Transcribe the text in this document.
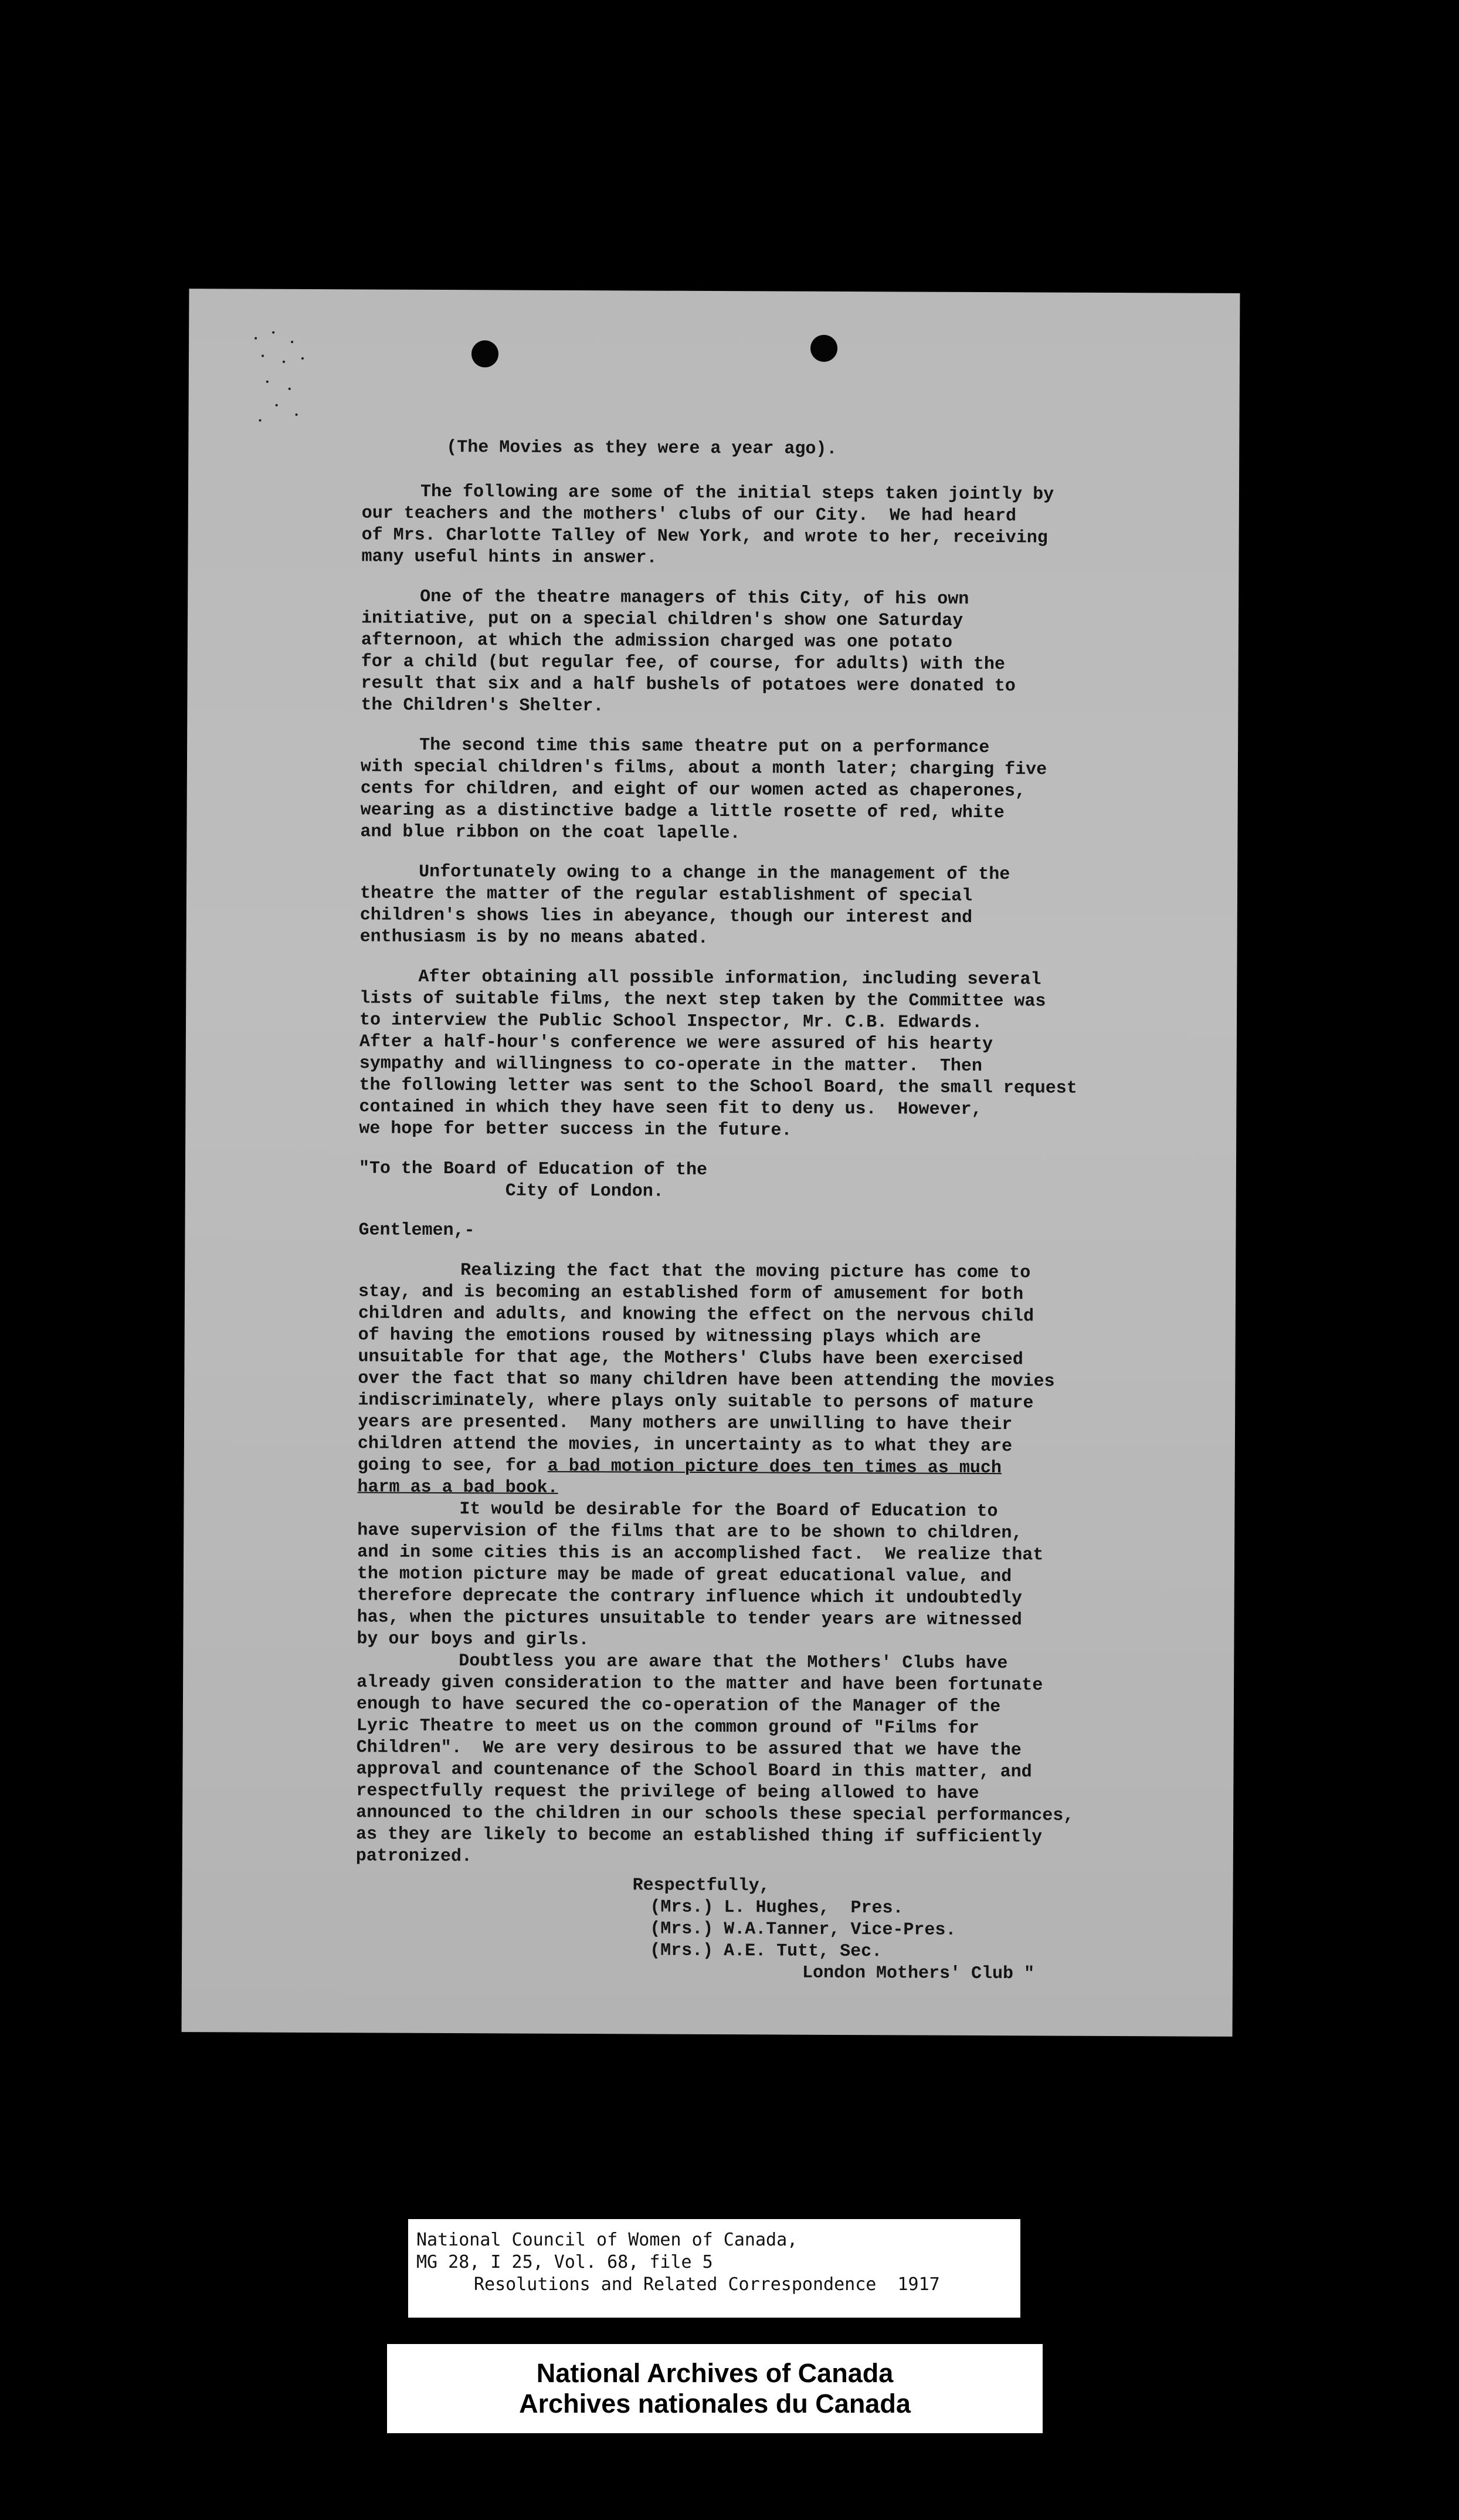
(The Movies as they were a year ago).

The following are some of the initial steps taken jointly by

our teachers and the mothers' clubs of our City.  We had heard

of Mrs. Charlotte Talley of New York, and wrote to her, receiving

many useful hints in answer.

One of the theatre managers of this City, of his own

initiative, put on a special children's show one Saturday

afternoon, at which the admission charged was one potato

for a child (but regular fee, of course, for adults) with the

result that six and a half bushels of potatoes were donated to

the Children's Shelter.

The second time this same theatre put on a performance

with special children's films, about a month later; charging five

cents for children, and eight of our women acted as chaperones,

wearing as a distinctive badge a little rosette of red, white

and blue ribbon on the coat lapelle.

Unfortunately owing to a change in the management of the

theatre the matter of the regular establishment of special

children's shows lies in abeyance, though our interest and

enthusiasm is by no means abated.

After obtaining all possible information, including several

lists of suitable films, the next step taken by the Committee was

to interview the Public School Inspector, Mr. C.B. Edwards.

After a half-hour's conference we were assured of his hearty

sympathy and willingness to co-operate in the matter.  Then

the following letter was sent to the School Board, the small request

contained in which they have seen fit to deny us.  However,

we hope for better success in the future.

"To the Board of Education of the

City of London.

Gentlemen,-

Realizing the fact that the moving picture has come to

stay, and is becoming an established form of amusement for both

children and adults, and knowing the effect on the nervous child

of having the emotions roused by witnessing plays which are

unsuitable for that age, the Mothers' Clubs have been exercised

over the fact that so many children have been attending the movies

indiscriminately, where plays only suitable to persons of mature

years are presented.  Many mothers are unwilling to have their

children attend the movies, in uncertainty as to what they are

going to see, for

a bad motion picture does ten times as much

harm as a bad book.

It would be desirable for the Board of Education to

have supervision of the films that are to be shown to children,

and in some cities this is an accomplished fact.  We realize that

the motion picture may be made of great educational value, and

therefore deprecate the contrary influence which it undoubtedly

has, when the pictures unsuitable to tender years are witnessed

by our boys and girls.

Doubtless you are aware that the Mothers' Clubs have

already given consideration to the matter and have been fortunate

enough to have secured the co-operation of the Manager of the

Lyric Theatre to meet us on the common ground of "Films for

Children".  We are very desirous to be assured that we have the

approval and countenance of the School Board in this matter, and

respectfully request the privilege of being allowed to have

announced to the children in our schools these special performances,

as they are likely to become an established thing if sufficiently

patronized.

Respectfully,

(Mrs.) L. Hughes,  Pres.

(Mrs.) W.A.Tanner, Vice-Pres.

(Mrs.) A.E. Tutt, Sec.

London Mothers' Club "

National Council of Women of Canada,
MG 28, I 25, Vol. 68, file 5
Resolutions and Related Correspondence  1917
National Archives of Canada
Archives nationales du Canada
